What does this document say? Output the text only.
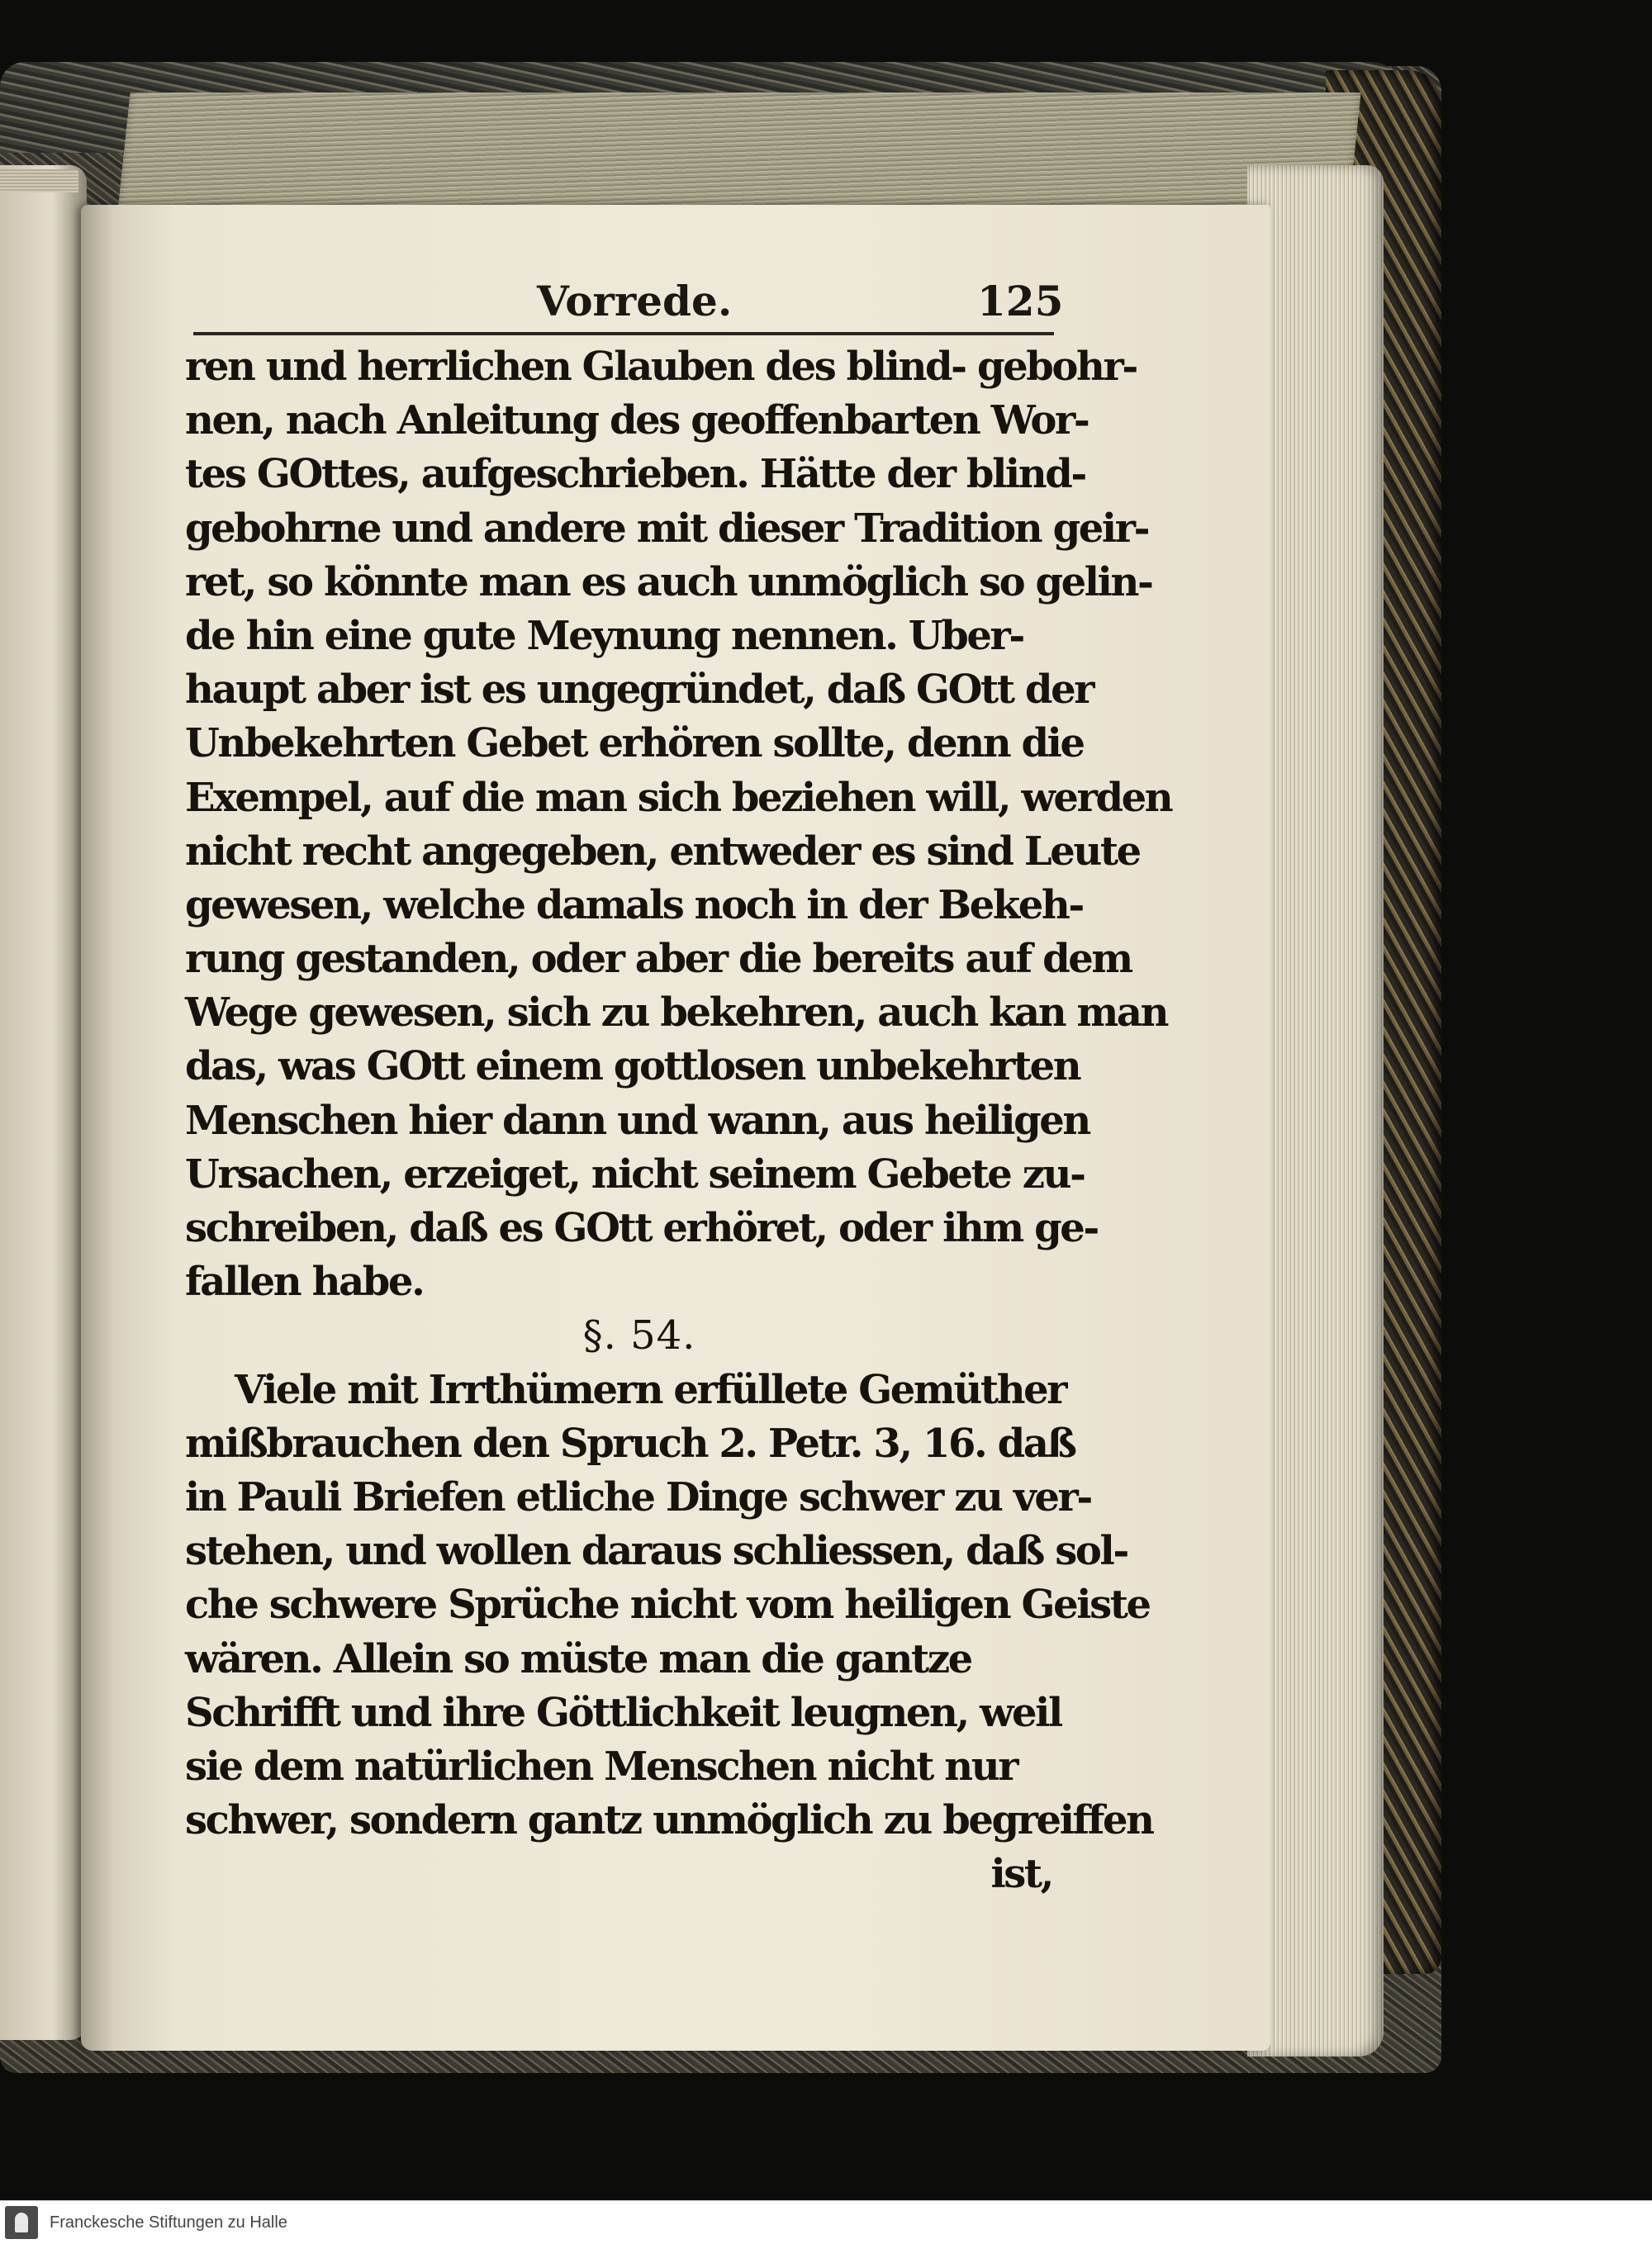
Vorrede.	125
ren und herrlichen Glauben des blind- gebohr-
nen, nach Anleitung des geoffenbarten Wor-
tes GOttes, aufgeschrieben. Hätte der blind-
gebohrne und andere mit dieser Tradition geir-
ret, so könnte man es auch unmöglich so gelin-
de hin eine gute Meynung nennen. Uber-
haupt aber ist es ungegründet, daß GOtt der
Unbekehrten Gebet erhören sollte, denn die
Exempel, auf die man sich beziehen will, werden
nicht recht angegeben, entweder es sind Leute
gewesen, welche damals noch in der Bekeh-
rung gestanden, oder aber die bereits auf dem
Wege gewesen, sich zu bekehren, auch kan man
das, was GOtt einem gottlosen unbekehrten
Menschen hier dann und wann, aus heiligen
Ursachen, erzeiget, nicht seinem Gebete zu-
schreiben, daß es GOtt erhöret, oder ihm ge-
fallen habe.
§. 54.
Viele mit Irrthümern erfüllete Gemüther
mißbrauchen den Spruch 2. Petr. 3, 16. daß
in Pauli Briefen etliche Dinge schwer zu ver-
stehen, und wollen daraus schliessen, daß sol-
che schwere Sprüche nicht vom heiligen Geiste
wären. Allein so müste man die gantze
Schrifft und ihre Göttlichkeit leugnen, weil
sie dem natürlichen Menschen nicht nur
schwer, sondern gantz unmöglich zu begreiffen
ist,
Franckesche Stiftungen zu Halle
